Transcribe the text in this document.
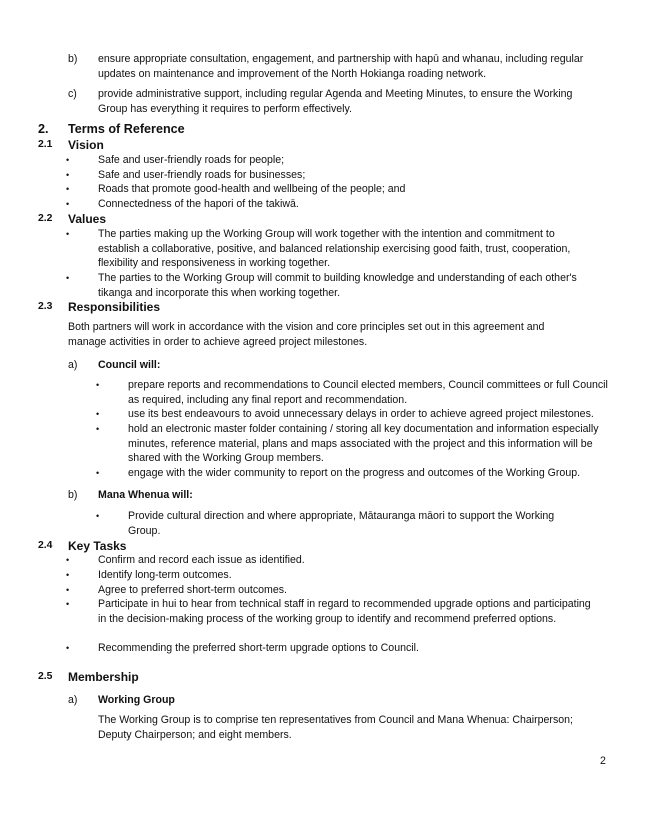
b) ensure appropriate consultation, engagement, and partnership with hapū and whanau, including regular updates on maintenance and improvement of the North Hokianga roading network.
c) provide administrative support, including regular Agenda and Meeting Minutes, to ensure the Working Group has everything it requires to perform effectively.
2. Terms of Reference
2.1 Vision
•	Safe and user-friendly roads for people;
•	Safe and user-friendly roads for businesses;
•	Roads that promote good-health and wellbeing of the people; and
•	Connectedness of the hapori of the takiwā.
2.2 Values
•	The parties making up the Working Group will work together with the intention and commitment to establish a collaborative, positive, and balanced relationship exercising good faith, trust, cooperation, flexibility and responsiveness in working together.
•	The parties to the Working Group will commit to building knowledge and understanding of each other's tikanga and incorporate this when working together.
2.3 Responsibilities
Both partners will work in accordance with the vision and core principles set out in this agreement and manage activities in order to achieve agreed project milestones.
a) Council will:
•	prepare reports and recommendations to Council elected members, Council committees or full Council as required, including any final report and recommendation.
•	use its best endeavours to avoid unnecessary delays in order to achieve agreed project milestones.
•	hold an electronic master folder containing / storing all key documentation and information especially minutes, reference material, plans and maps associated with the project and this information will be shared with the Working Group members.
•	engage with the wider community to report on the progress and outcomes of the Working Group.
b) Mana Whenua will:
•	Provide cultural direction and where appropriate, Mātauranga māori to support the Working Group.
2.4 Key Tasks
•	Confirm and record each issue as identified.
•	Identify long-term outcomes.
•	Agree to preferred short-term outcomes.
•	Participate in hui to hear from technical staff in regard to recommended upgrade options and participating in the decision-making process of the working group to identify and recommend preferred options.
•	Recommending the preferred short-term upgrade options to Council.
2.5 Membership
a) Working Group
The Working Group is to comprise ten representatives from Council and Mana Whenua: Chairperson; Deputy Chairperson; and eight members.
2
